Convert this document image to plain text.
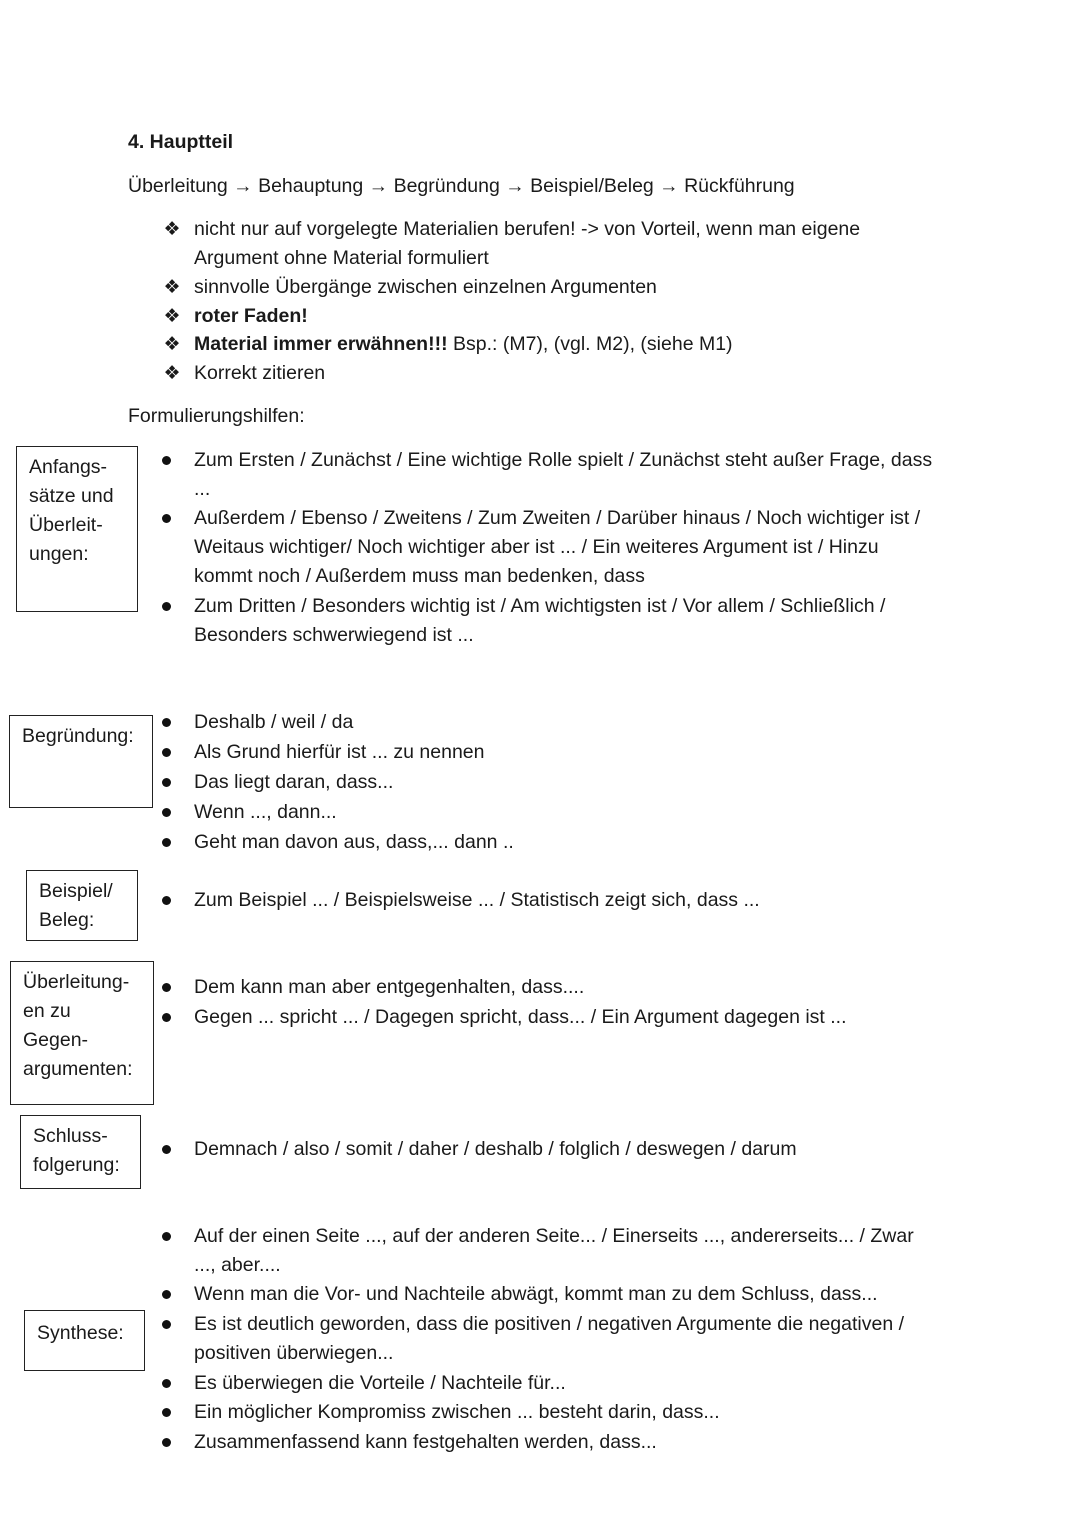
4. Hauptteil
Überleitung → Behauptung → Begründung → Beispiel/Beleg → Rückführung
❖ nicht nur auf vorgelegte Materialien berufen! -> von Vorteil, wenn man eigene
Argument ohne Material formuliert
❖ sinnvolle Übergänge zwischen einzelnen Argumenten
❖ roter Faden!
❖ Material immer erwähnen!!! Bsp.: (M7), (vgl. M2), (siehe M1)
❖ Korrekt zitieren
Formulierungshilfen:
Anfangs-
sätze und
Überleit-
ungen:
Zum Ersten / Zunächst / Eine wichtige Rolle spielt / Zunächst steht außer Frage, dass
...
Außerdem / Ebenso / Zweitens / Zum Zweiten / Darüber hinaus / Noch wichtiger ist /
Weitaus wichtiger/ Noch wichtiger aber ist ... / Ein weiteres Argument ist / Hinzu
kommt noch / Außerdem muss man bedenken, dass
Zum Dritten / Besonders wichtig ist / Am wichtigsten ist / Vor allem / Schließlich /
Besonders schwerwiegend ist ...
Begründung:
Deshalb / weil / da
Als Grund hierfür ist ... zu nennen
Das liegt daran, dass...
Wenn ..., dann...
Geht man davon aus, dass,... dann ..
Beispiel/
Beleg:
Zum Beispiel ... / Beispielsweise ... / Statistisch zeigt sich, dass ...
Überleitung-
en zu
Gegen-
argumenten:
Dem kann man aber entgegenhalten, dass....
Gegen ... spricht ... / Dagegen spricht, dass... / Ein Argument dagegen ist ...
Schluss-
folgerung:
Demnach / also / somit / daher / deshalb / folglich / deswegen / darum
Synthese:
Auf der einen Seite ..., auf der anderen Seite... / Einerseits ..., andererseits... / Zwar
..., aber....
Wenn man die Vor- und Nachteile abwägt, kommt man zu dem Schluss, dass...
Es ist deutlich geworden, dass die positiven / negativen Argumente die negativen /
positiven überwiegen...
Es überwiegen die Vorteile / Nachteile für...
Ein möglicher Kompromiss zwischen ... besteht darin, dass...
Zusammenfassend kann festgehalten werden, dass...
